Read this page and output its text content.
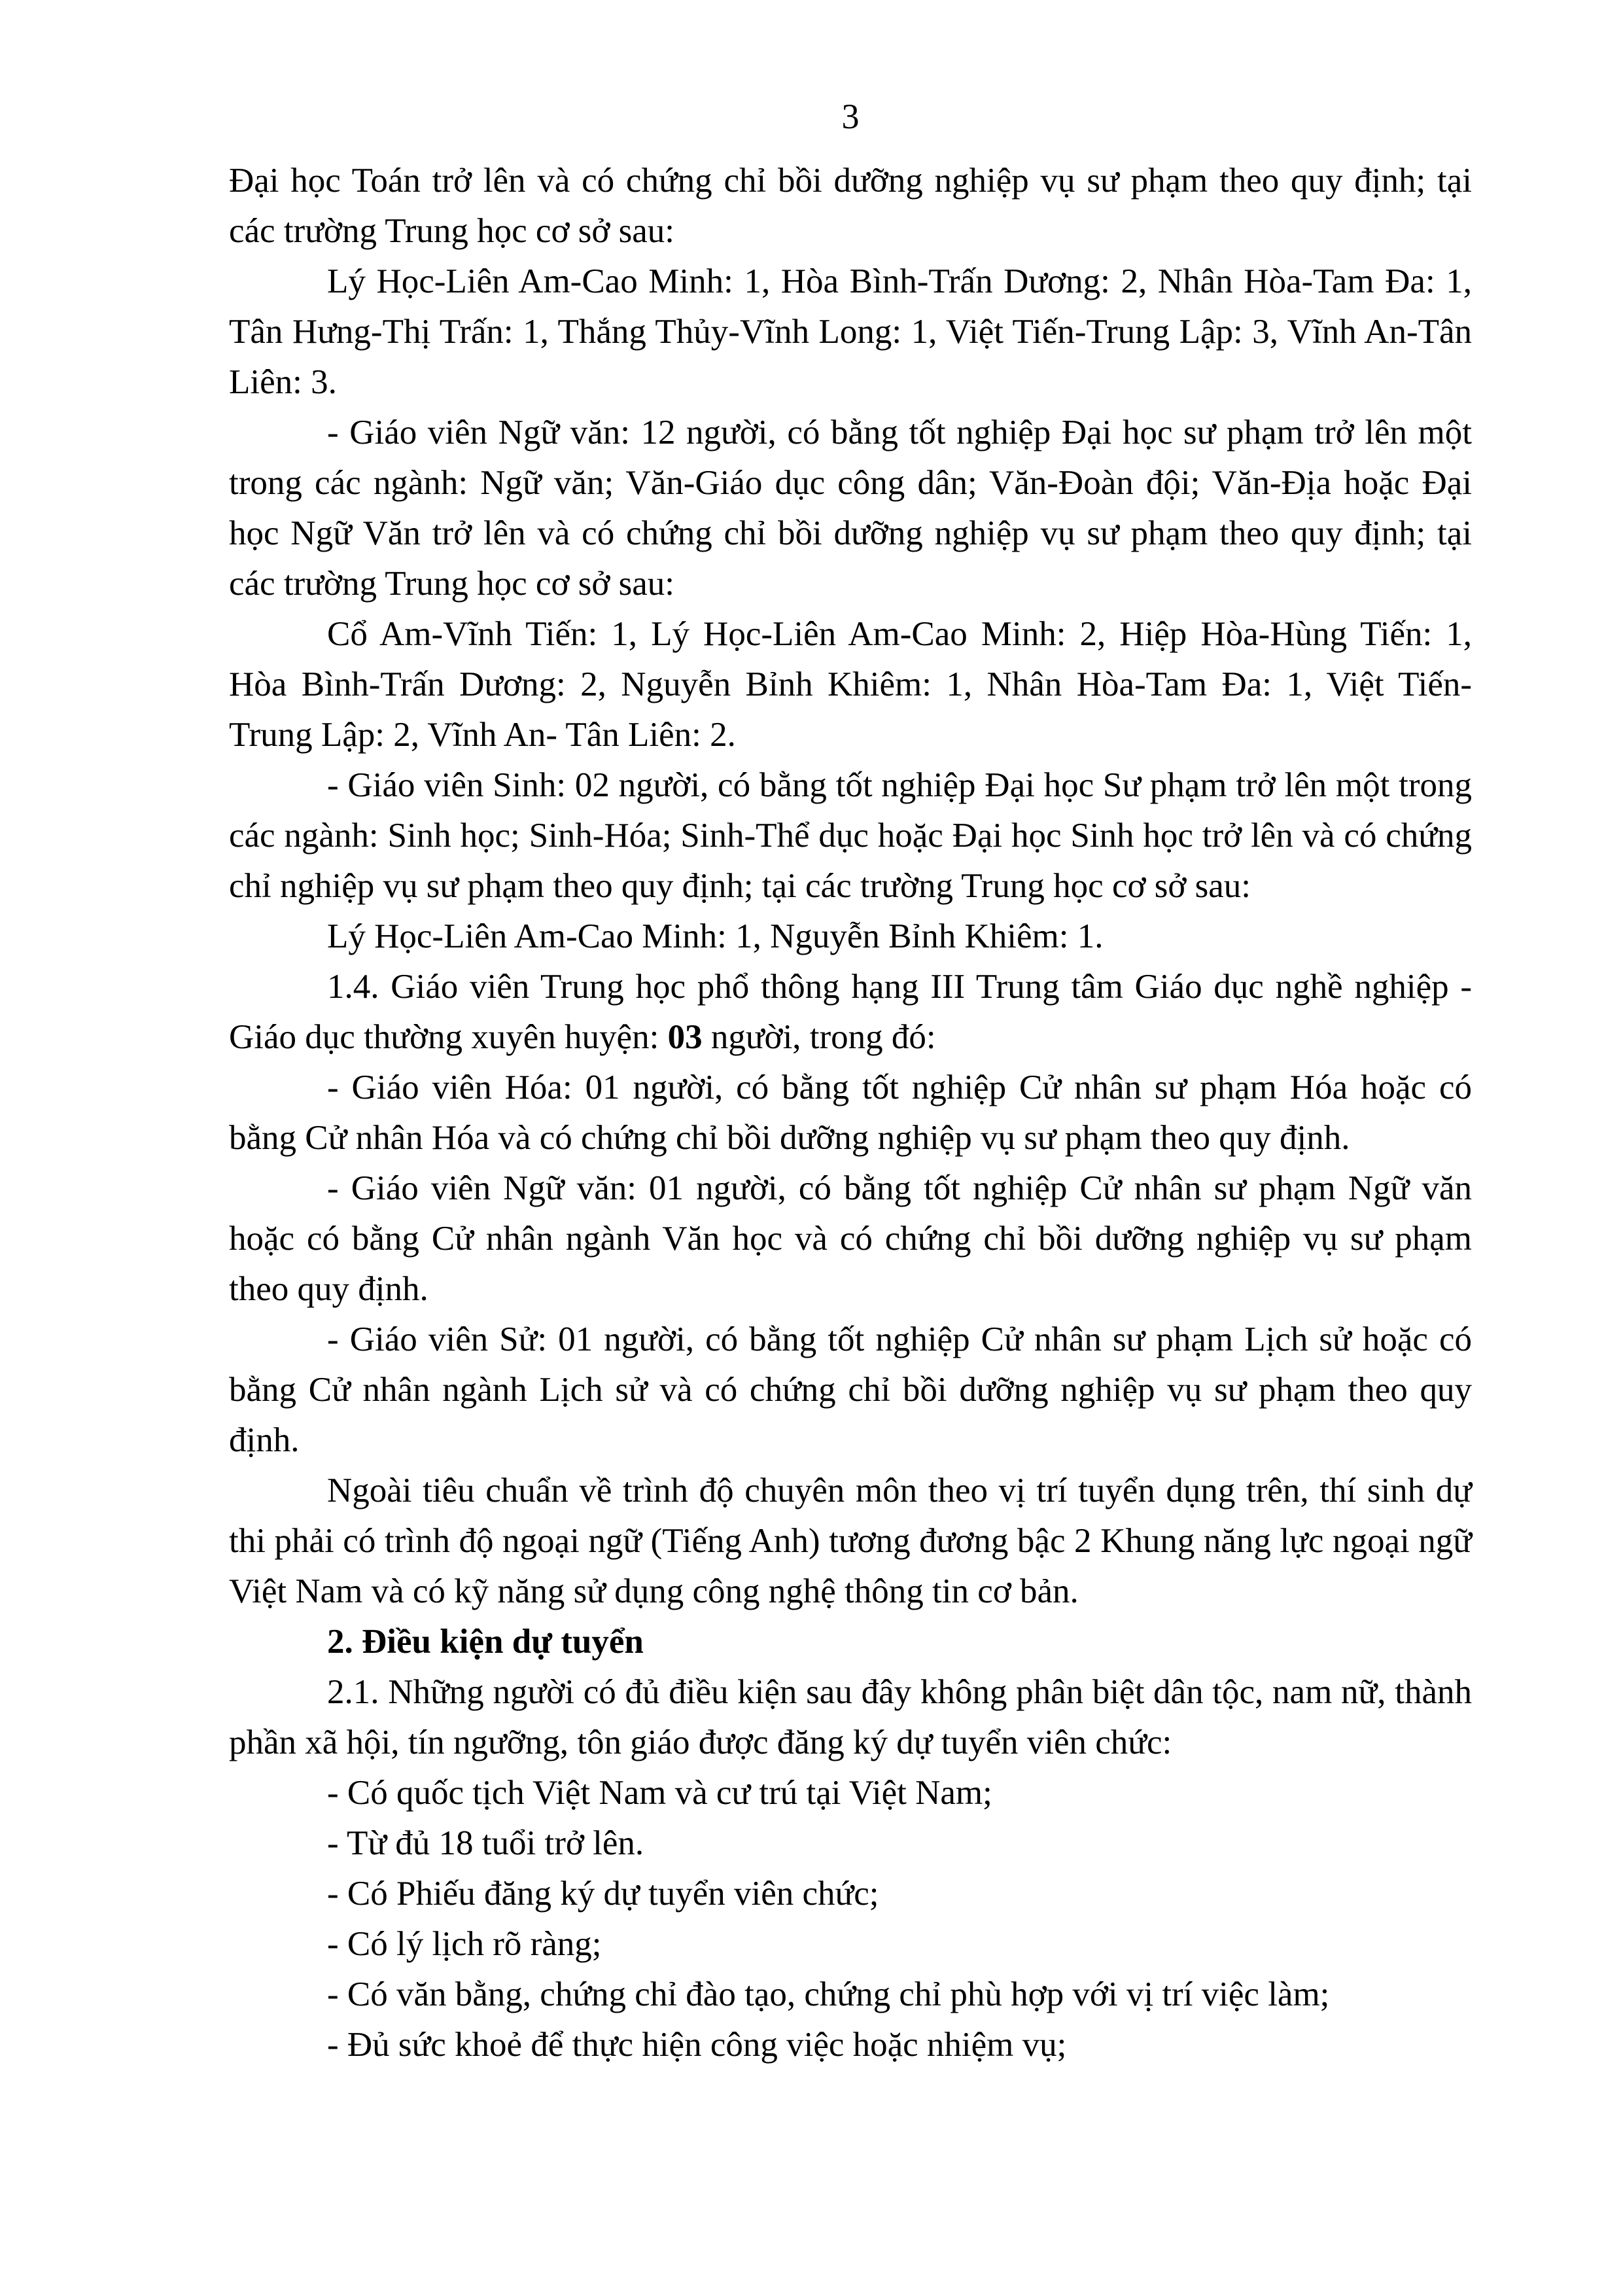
3

Đại học Toán trở lên và có chứng chỉ bồi dưỡng nghiệp vụ sư phạm theo quy định; tại các trường Trung học cơ sở sau:

Lý Học-Liên Am-Cao Minh: 1, Hòa Bình-Trấn Dương: 2, Nhân Hòa-Tam Đa: 1, Tân Hưng-Thị Trấn: 1, Thắng Thủy-Vĩnh Long: 1, Việt Tiến-Trung Lập: 3, Vĩnh An-Tân Liên: 3.

- Giáo viên Ngữ văn: 12 người, có bằng tốt nghiệp Đại học sư phạm trở lên một trong các ngành: Ngữ văn; Văn-Giáo dục công dân; Văn-Đoàn đội; Văn-Địa hoặc Đại học Ngữ Văn trở lên và có chứng chỉ bồi dưỡng nghiệp vụ sư phạm theo quy định; tại các trường Trung học cơ sở sau:

Cổ Am-Vĩnh Tiến: 1, Lý Học-Liên Am-Cao Minh: 2, Hiệp Hòa-Hùng Tiến: 1, Hòa Bình-Trấn Dương: 2, Nguyễn Bỉnh Khiêm: 1, Nhân Hòa-Tam Đa: 1, Việt Tiến-Trung Lập: 2, Vĩnh An- Tân Liên: 2.

- Giáo viên Sinh: 02 người, có bằng tốt nghiệp Đại học Sư phạm trở lên một trong các ngành: Sinh học; Sinh-Hóa; Sinh-Thể dục hoặc Đại học Sinh học trở lên và có chứng chỉ nghiệp vụ sư phạm theo quy định; tại các trường Trung học cơ sở sau:

Lý Học-Liên Am-Cao Minh: 1, Nguyễn Bỉnh Khiêm: 1.

1.4. Giáo viên Trung học phổ thông hạng III Trung tâm Giáo dục nghề nghiệp - Giáo dục thường xuyên huyện: 03 người, trong đó:

- Giáo viên Hóa: 01 người, có bằng tốt nghiệp Cử nhân sư phạm Hóa hoặc có bằng Cử nhân Hóa và có chứng chỉ bồi dưỡng nghiệp vụ sư phạm theo quy định.

- Giáo viên Ngữ văn: 01 người, có bằng tốt nghiệp Cử nhân sư phạm Ngữ văn hoặc có bằng Cử nhân ngành Văn học và có chứng chỉ bồi dưỡng nghiệp vụ sư phạm theo quy định.

- Giáo viên Sử: 01 người, có bằng tốt nghiệp Cử nhân sư phạm Lịch sử hoặc có bằng Cử nhân ngành Lịch sử và có chứng chỉ bồi dưỡng nghiệp vụ sư phạm theo quy định.

Ngoài tiêu chuẩn về trình độ chuyên môn theo vị trí tuyển dụng trên, thí sinh dự thi phải có trình độ ngoại ngữ (Tiếng Anh) tương đương bậc 2 Khung năng lực ngoại ngữ Việt Nam và có kỹ năng sử dụng công nghệ thông tin cơ bản.

2. Điều kiện dự tuyển

2.1. Những người có đủ điều kiện sau đây không phân biệt dân tộc, nam nữ, thành phần xã hội, tín ngưỡng, tôn giáo được đăng ký dự tuyển viên chức:

- Có quốc tịch Việt Nam và cư trú tại Việt Nam;

- Từ đủ 18 tuổi trở lên.

- Có Phiếu đăng ký dự tuyển viên chức;

- Có lý lịch rõ ràng;

- Có văn bằng, chứng chỉ đào tạo, chứng chỉ phù hợp với vị trí việc làm;

- Đủ sức khoẻ để thực hiện công việc hoặc nhiệm vụ;
